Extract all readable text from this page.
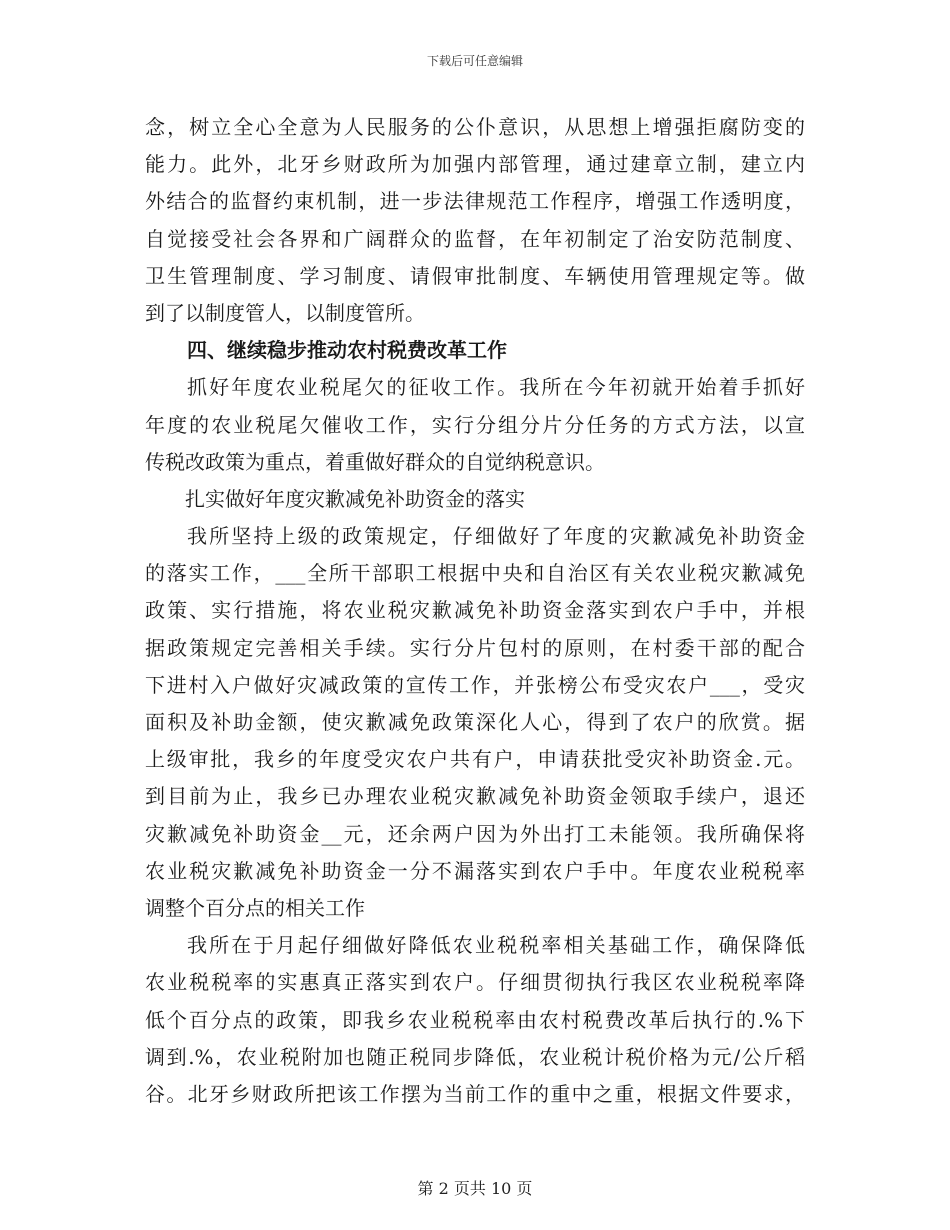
下载后可任意编辑
念，树立全心全意为人民服务的公仆意识，从思想上增强拒腐防变的
能力。此外，北牙乡财政所为加强内部管理，通过建章立制，建立内
外结合的监督约束机制，进一步法律规范工作程序，增强工作透明度，
自觉接受社会各界和广阔群众的监督，在年初制定了治安防范制度、
卫生管理制度、学习制度、请假审批制度、车辆使用管理规定等。做
到了以制度管人，以制度管所。
四、继续稳步推动农村税费改革工作
抓好年度农业税尾欠的征收工作。我所在今年初就开始着手抓好
年度的农业税尾欠催收工作，实行分组分片分任务的方式方法，以宣
传税改政策为重点，着重做好群众的自觉纳税意识。
扎实做好年度灾歉减免补助资金的落实
我所坚持上级的政策规定，仔细做好了年度的灾歉减免补助资金
的落实工作，___全所干部职工根据中央和自治区有关农业税灾歉减免
政策、实行措施，将农业税灾歉减免补助资金落实到农户手中，并根
据政策规定完善相关手续。实行分片包村的原则，在村委干部的配合
下进村入户做好灾减政策的宣传工作，并张榜公布受灾农户___，受灾
面积及补助金额，使灾歉减免政策深化人心，得到了农户的欣赏。据
上级审批，我乡的年度受灾农户共有户，申请获批受灾补助资金.元。
到目前为止，我乡已办理农业税灾歉减免补助资金领取手续户，退还
灾歉减免补助资金__元，还余两户因为外出打工未能领。我所确保将
农业税灾歉减免补助资金一分不漏落实到农户手中。年度农业税税率
调整个百分点的相关工作
我所在于月起仔细做好降低农业税税率相关基础工作，确保降低
农业税税率的实惠真正落实到农户。仔细贯彻执行我区农业税税率降
低个百分点的政策，即我乡农业税税率由农村税费改革后执行的.%下
调到.%，农业税附加也随正税同步降低，农业税计税价格为元/公斤稻
谷。北牙乡财政所把该工作摆为当前工作的重中之重，根据文件要求，
第 2 页共 10 页
